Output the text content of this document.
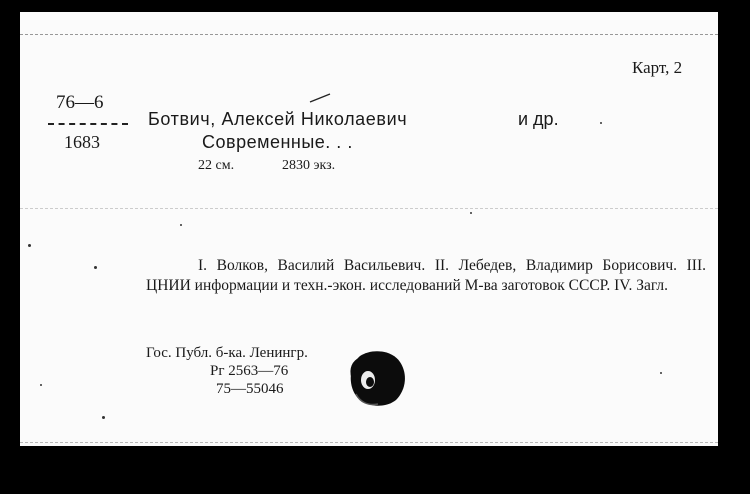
Карт, 2
76—6
1683
Ботвич, Алексей Николаевич	и др.
Современные. . .
22 см.	2830 экз.
I. Волков, Василий Васильевич. II. Лебедев, Владимир Борисович. III. ЦНИИ информации и техн.-экон. исследований М-ва заготовок СССР. IV. Загл.
Гос. Публ. б-ка. Ленингр.
Рг 2563—76
75—55046
